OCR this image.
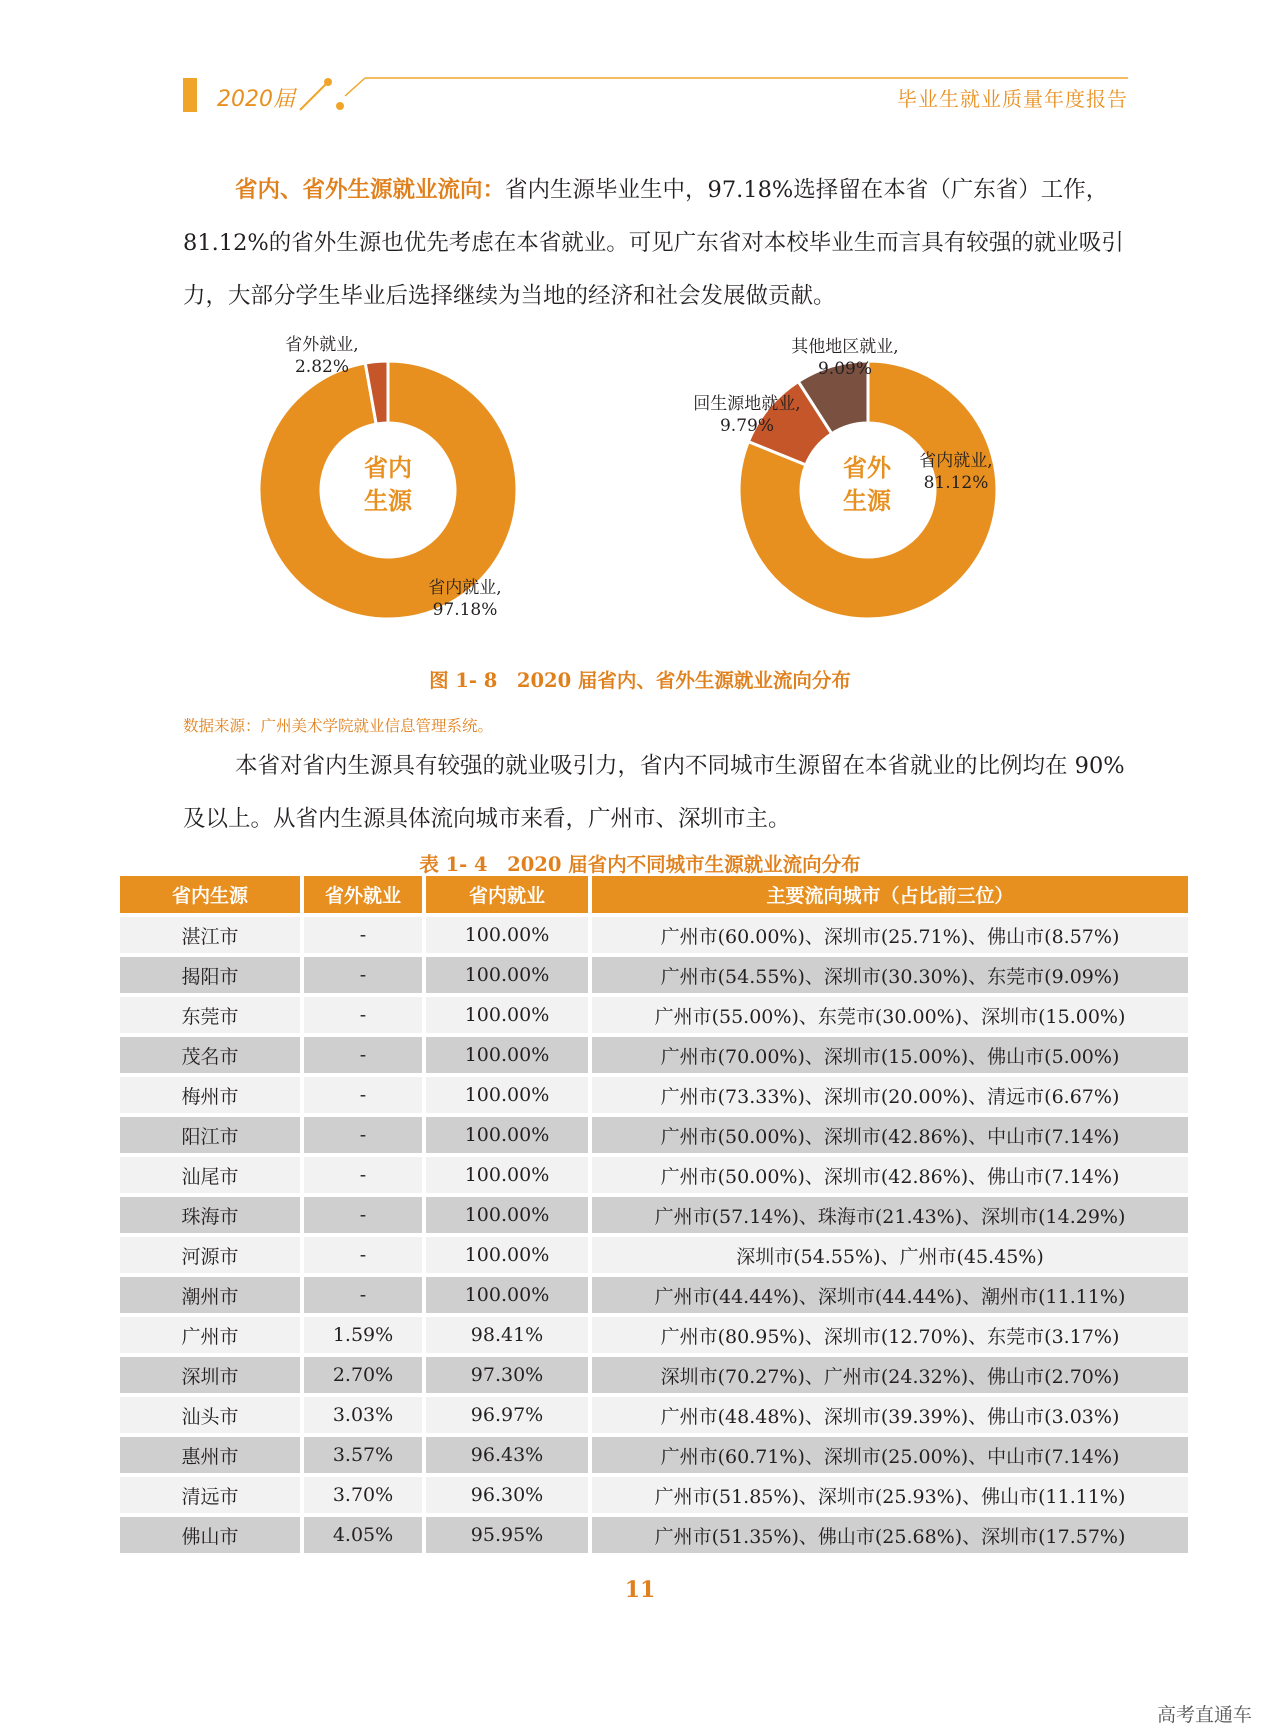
2020届	毕业生就业质量年度报告
省内、省外生源就业流向：省内生源毕业生中，97.18%选择留在本省（广东省）工作，81.12%的省外生源也优先考虑在本省就业。可见广东省对本校毕业生而言具有较强的就业吸引力，大部分学生毕业后选择继续为当地的经济和社会发展做贡献。
省内
生源
省外
生源
省外就业,
2.82%
省内就业,
97.18%
其他地区就业,
9.09%
回生源地就业,
9.79%
省内就业,
81.12%
图 1- 8　2020 届省内、省外生源就业流向分布
数据来源：广州美术学院就业信息管理系统。
本省对省内生源具有较强的就业吸引力，省内不同城市生源留在本省就业的比例均在 90%及以上。从省内生源具体流向城市来看，广州市、深圳市主。
表 1- 4　2020 届省内不同城市生源就业流向分布
省内生源	省外就业	省内就业	主要流向城市（占比前三位）
湛江市	-	100.00%	广州市(60.00%)、深圳市(25.71%)、佛山市(8.57%)
揭阳市	-	100.00%	广州市(54.55%)、深圳市(30.30%)、东莞市(9.09%)
东莞市	-	100.00%	广州市(55.00%)、东莞市(30.00%)、深圳市(15.00%)
茂名市	-	100.00%	广州市(70.00%)、深圳市(15.00%)、佛山市(5.00%)
梅州市	-	100.00%	广州市(73.33%)、深圳市(20.00%)、清远市(6.67%)
阳江市	-	100.00%	广州市(50.00%)、深圳市(42.86%)、中山市(7.14%)
汕尾市	-	100.00%	广州市(50.00%)、深圳市(42.86%)、佛山市(7.14%)
珠海市	-	100.00%	广州市(57.14%)、珠海市(21.43%)、深圳市(14.29%)
河源市	-	100.00%	深圳市(54.55%)、广州市(45.45%)
潮州市	-	100.00%	广州市(44.44%)、深圳市(44.44%)、潮州市(11.11%)
广州市	1.59%	98.41%	广州市(80.95%)、深圳市(12.70%)、东莞市(3.17%)
深圳市	2.70%	97.30%	深圳市(70.27%)、广州市(24.32%)、佛山市(2.70%)
汕头市	3.03%	96.97%	广州市(48.48%)、深圳市(39.39%)、佛山市(3.03%)
惠州市	3.57%	96.43%	广州市(60.71%)、深圳市(25.00%)、中山市(7.14%)
清远市	3.70%	96.30%	广州市(51.85%)、深圳市(25.93%)、佛山市(11.11%)
佛山市	4.05%	95.95%	广州市(51.35%)、佛山市(25.68%)、深圳市(17.57%)
11
高考直通车
